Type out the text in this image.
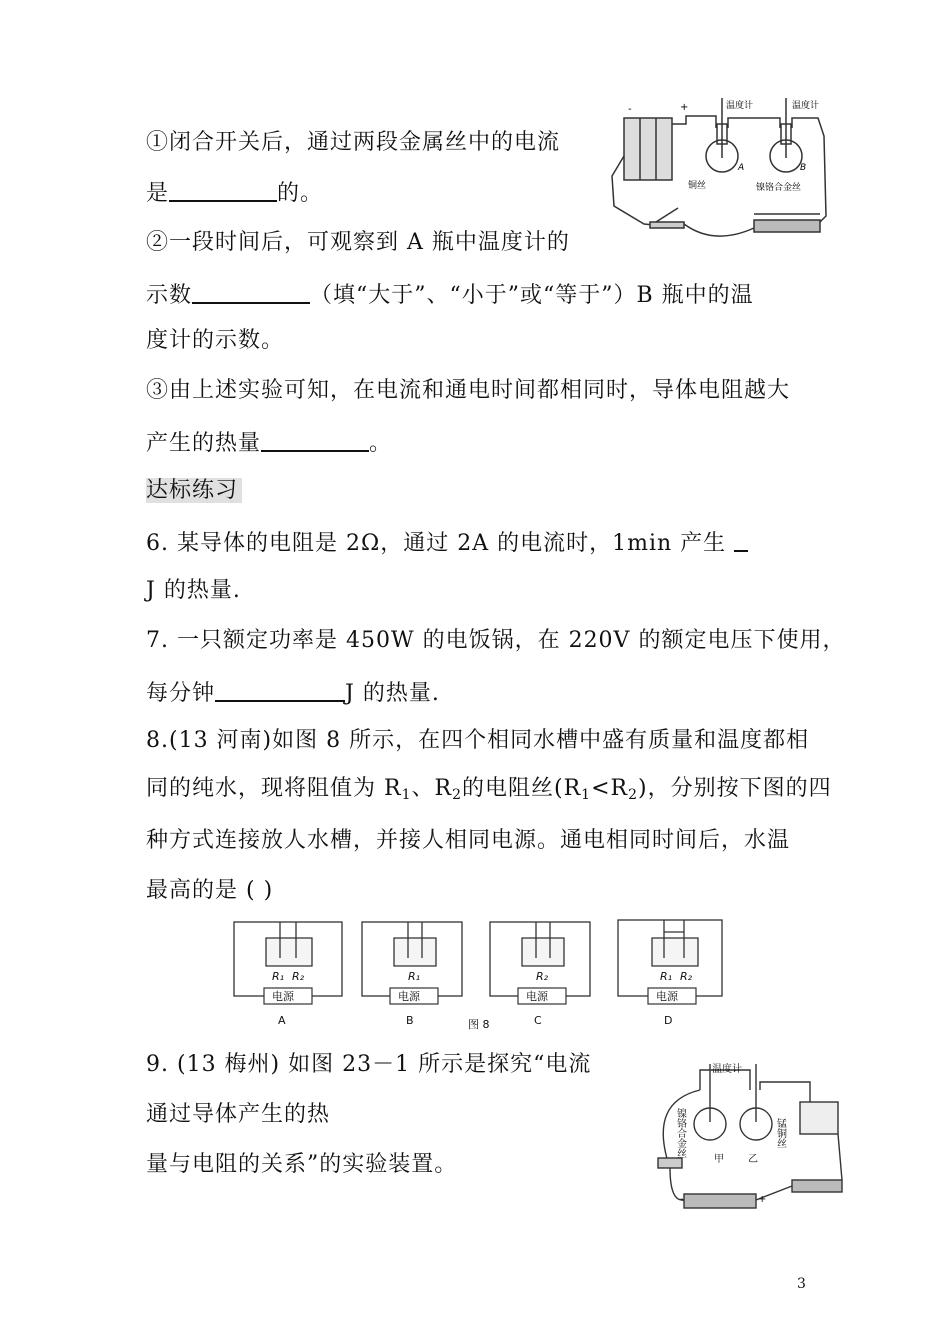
①闭合开关后，通过两段金属丝中的电流
是	的。
②一段时间后，可观察到 A 瓶中温度计的
示数	（填“大于”、“小于”或“等于”）B 瓶中的温
度计的示数。
③由上述实验可知，在电流和通电时间都相同时，导体电阻越大
产生的热量	。
达标练习
6. 某导体的电阻是 2Ω，通过 2A 的电流时，1min 产生
J 的热量.
7. 一只额定功率是 450W 的电饭锅，在 220V 的额定电压下使用，
每分钟	J 的热量.
8.(13 河南)如图 8 所示，在四个相同水槽中盛有质量和温度都相
同的纯水，现将阻值为 $R_1$、$R_2$的电阻丝$(R_1<R_2)$，分别按下图的四
种方式连接放人水槽，并接人相同电源。通电相同时间后，水温
最高的是 ( )
9. (13 梅州) 如图 23－1 所示是探究“电流
通过导体产生的热
量与电阻的关系”的实验装置。
-	+	温度计	温度计
A	B
铜丝	镍铬合金丝
电源	电源	电源	电源
R₁ R₂	R₁	R₂	R₁ R₂
A	B	C	D
图 8
温度计
甲 乙
-	+
镍铬合金丝	锰铜丝
3
